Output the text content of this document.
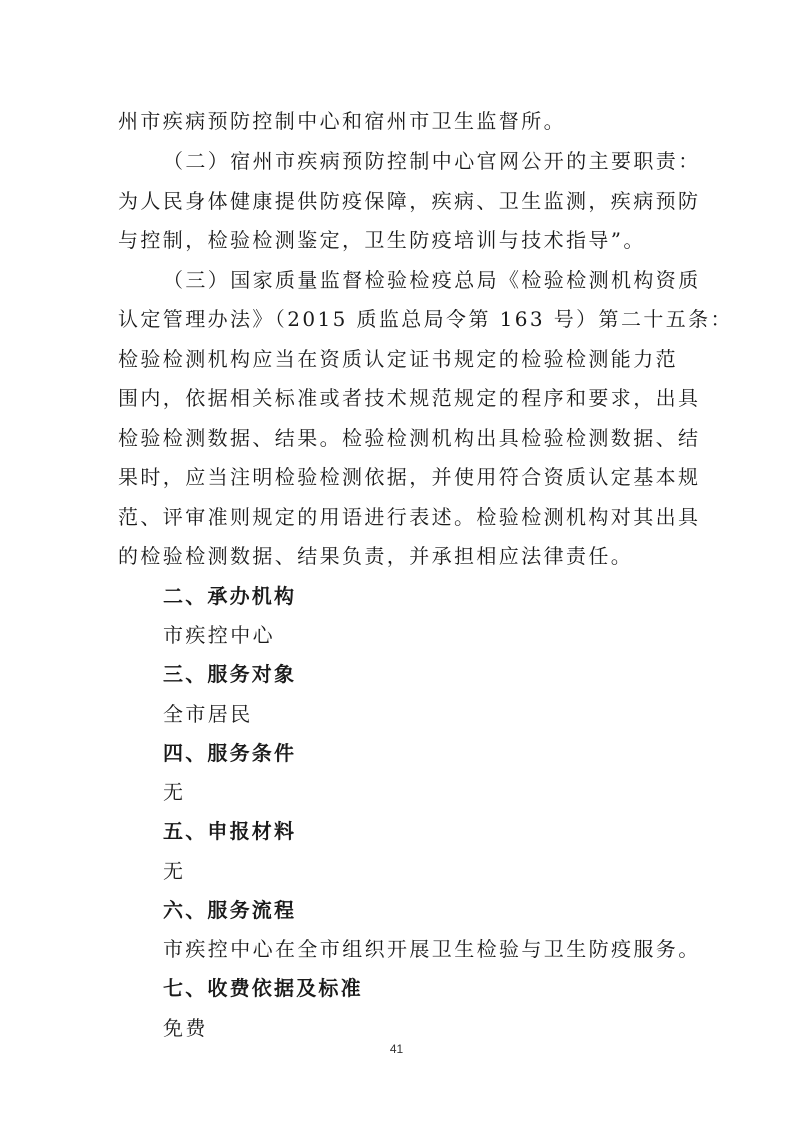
州市疾病预防控制中心和宿州市卫生监督所。
（二）宿州市疾病预防控制中心官网公开的主要职责：
为人民身体健康提供防疫保障，疾病、卫生监测，疾病预防
与控制，检验检测鉴定，卫生防疫培训与技术指导”。
（三）国家质量监督检验检疫总局《检验检测机构资质
认定管理办法》（2015 质监总局令第 163 号）第二十五条：
检验检测机构应当在资质认定证书规定的检验检测能力范
围内，依据相关标准或者技术规范规定的程序和要求，出具
检验检测数据、结果。检验检测机构出具检验检测数据、结
果时，应当注明检验检测依据，并使用符合资质认定基本规
范、评审准则规定的用语进行表述。检验检测机构对其出具
的检验检测数据、结果负责，并承担相应法律责任。
二、承办机构
市疾控中心
三、服务对象
全市居民
四、服务条件
无
五、申报材料
无
六、服务流程
市疾控中心在全市组织开展卫生检验与卫生防疫服务。
七、收费依据及标准
免费
41
